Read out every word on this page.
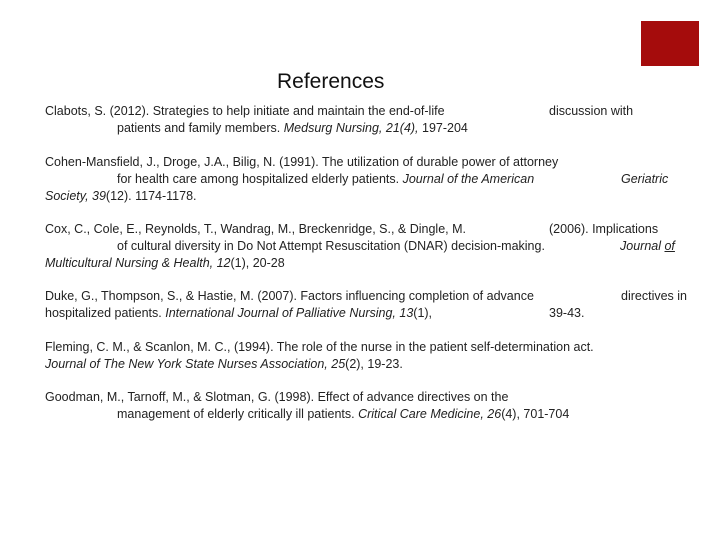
References
Clabots, S. (2012). Strategies to help initiate and maintain the end-of-life	discussion with
patients and family members. Medsurg Nursing, 21(4), 197-204
Cohen-Mansfield, J., Droge, J.A., Bilig, N. (1991). The utilization of durable power of attorney
for health care among hospitalized elderly patients. Journal of the American	Geriatric
Society, 39(12). 1174-1178.
Cox, C., Cole, E., Reynolds, T., Wandrag, M., Breckenridge, S., & Dingle, M.	(2006). Implications
of cultural diversity in Do Not Attempt Resuscitation (DNAR) decision-making.	Journal of
Multicultural Nursing & Health, 12(1), 20-28
Duke, G., Thompson, S., & Hastie, M. (2007). Factors influencing completion of advance	directives in
hospitalized patients. International Journal of Palliative Nursing, 13(1),	39-43.
Fleming, C. M., & Scanlon, M. C., (1994). The role of the nurse in the patient self-determination act.
Journal of The New York State Nurses Association, 25(2), 19-23.
Goodman, M., Tarnoff, M., & Slotman, G. (1998). Effect of advance directives on the
management of elderly critically ill patients. Critical Care Medicine, 26(4), 701-704
